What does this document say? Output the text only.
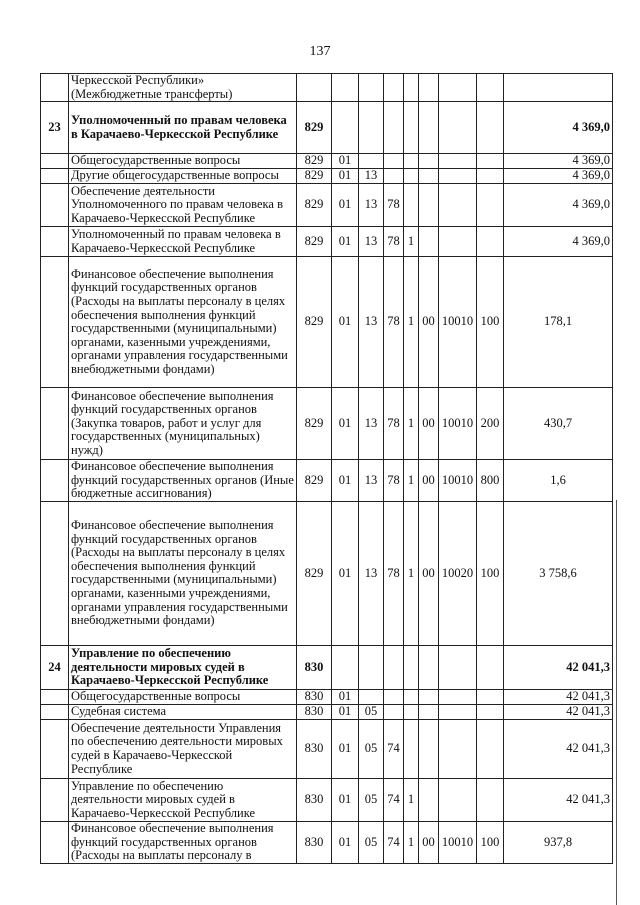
137
	Черкесской Республики»
(Межбюджетные трансферты)									
23	Уполномоченный по правам человека в Карачаево-Черкесской Республике	829								4 369,0
	Общегосударственные вопросы	829	01							4 369,0
	Другие общегосударственные вопросы	829	01	13						4 369,0
	Обеспечение деятельности Уполномоченного по правам человека в Карачаево-Черкесской Республике	829	01	13	78					4 369,0
	Уполномоченный по правам человека в Карачаево-Черкесской Республике	829	01	13	78	1				4 369,0
	Финансовое обеспечение выполнения функций государственных органов (Расходы на выплаты персоналу в целях обеспечения выполнения функций государственными (муниципальными) органами, казенными учреждениями, органами управления государственными внебюджетными фондами)	829	01	13	78	1	00	10010	100	178,1
	Финансовое обеспечение выполнения функций государственных органов (Закупка товаров, работ и услуг для государственных (муниципальных) нужд)	829	01	13	78	1	00	10010	200	430,7
	Финансовое обеспечение выполнения функций государственных органов (Иные бюджетные ассигнования)	829	01	13	78	1	00	10010	800	1,6
	Финансовое обеспечение выполнения функций государственных органов (Расходы на выплаты персоналу в целях обеспечения выполнения функций государственными (муниципальными) органами, казенными учреждениями, органами управления государственными внебюджетными фондами)	829	01	13	78	1	00	10020	100	3 758,6
24	Управление по обеспечению деятельности мировых судей в Карачаево-Черкесской Республике	830								42 041,3
	Общегосударственные вопросы	830	01							42 041,3
	Судебная система	830	01	05						42 041,3
	Обеспечение деятельности Управления по обеспечению деятельности мировых судей в Карачаево-Черкесской Республике	830	01	05	74					42 041,3
	Управление по обеспечению деятельности мировых судей в Карачаево-Черкесской Республике	830	01	05	74	1				42 041,3
	Финансовое обеспечение выполнения функций государственных органов (Расходы на выплаты персоналу в	830	01	05	74	1	00	10010	100	937,8
